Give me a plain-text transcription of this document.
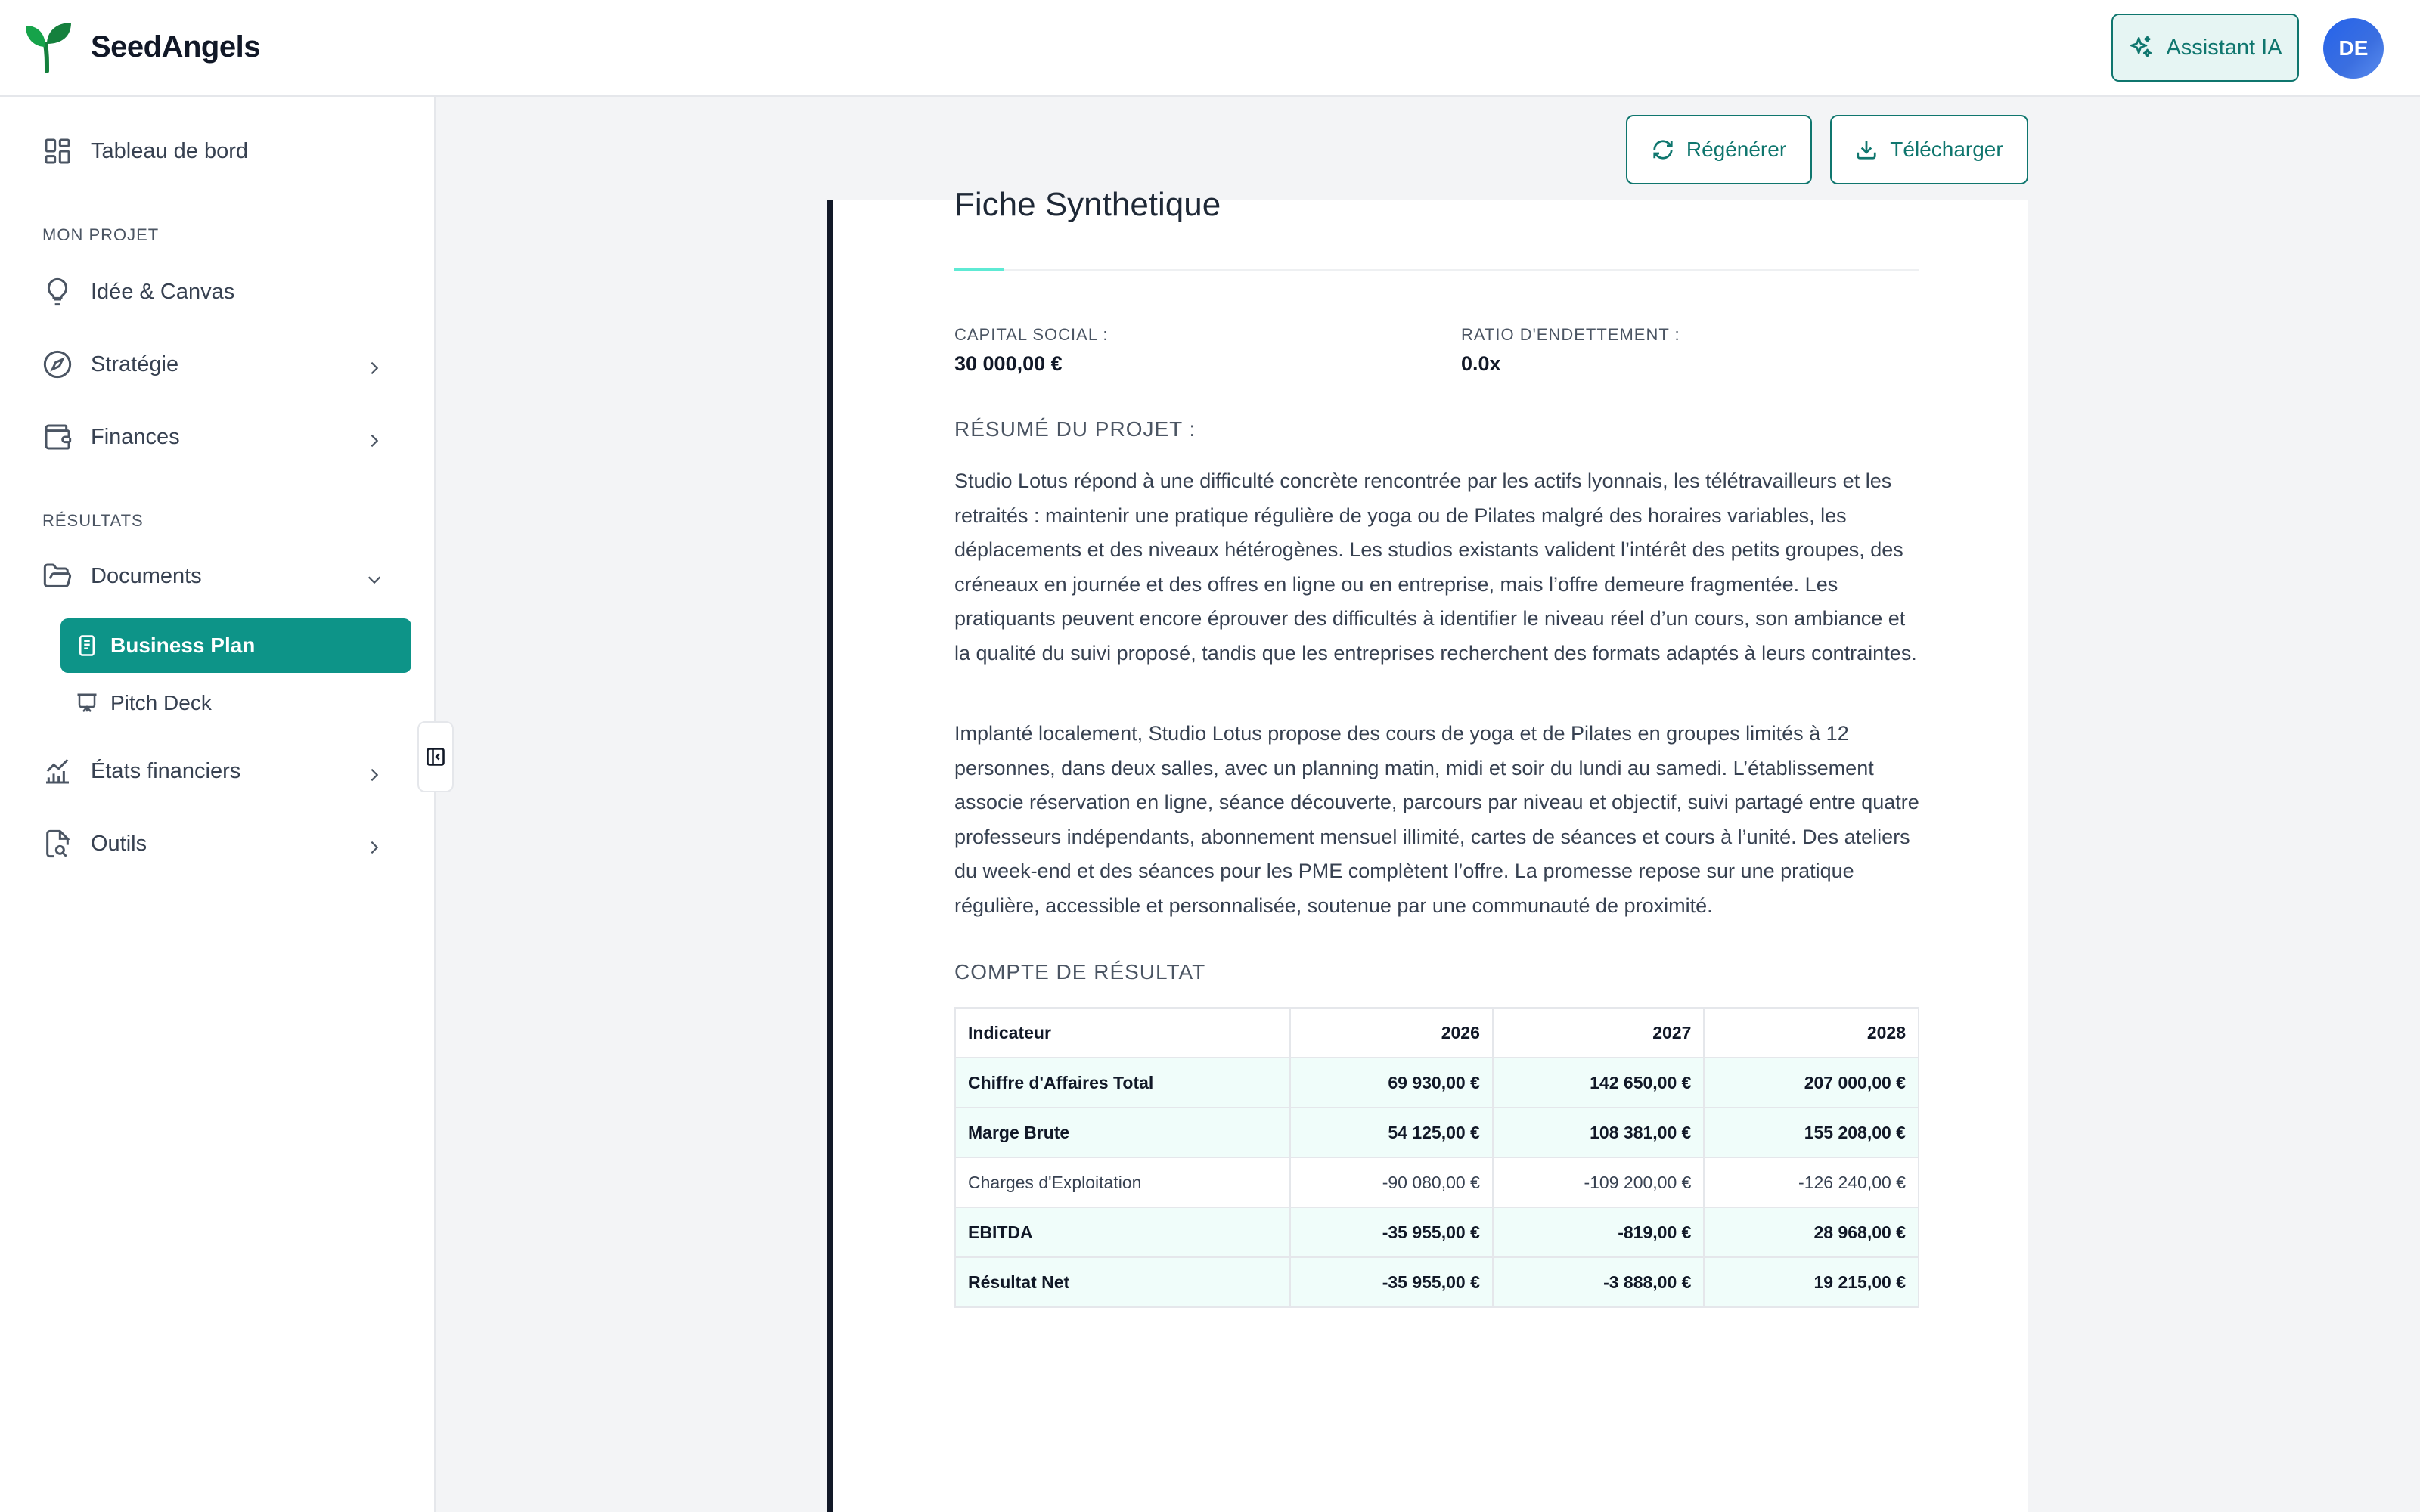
SeedAngels	Assistant IA	DE
Tableau de bord
MON PROJET
Idée & Canvas
Stratégie
Finances
RÉSULTATS
Documents
Business Plan
Pitch Deck
États financiers
Outils
Fiche Synthetique
CAPITAL SOCIAL :
30 000,00 €
RATIO D'ENDETTEMENT :
0.0x
RÉSUMÉ DU PROJET :
Studio Lotus répond à une difficulté concrète rencontrée par les actifs lyonnais, les télétravailleurs et les retraités : maintenir une pratique régulière de yoga ou de Pilates malgré des horaires variables, les déplacements et des niveaux hétérogènes. Les studios existants valident l’intérêt des petits groupes, des créneaux en journée et des offres en ligne ou en entreprise, mais l’offre demeure fragmentée. Les pratiquants peuvent encore éprouver des difficultés à identifier le niveau réel d’un cours, son ambiance et la qualité du suivi proposé, tandis que les entreprises recherchent des formats adaptés à leurs contraintes.
Implanté localement, Studio Lotus propose des cours de yoga et de Pilates en groupes limités à 12 personnes, dans deux salles, avec un planning matin, midi et soir du lundi au samedi. L’établissement associe réservation en ligne, séance découverte, parcours par niveau et objectif, suivi partagé entre quatre professeurs indépendants, abonnement mensuel illimité, cartes de séances et cours à l’unité. Des ateliers du week-end et des séances pour les PME complètent l’offre. La promesse repose sur une pratique régulière, accessible et personnalisée, soutenue par une communauté de proximité.
COMPTE DE RÉSULTAT
Indicateur	2026	2027	2028
Chiffre d'Affaires Total	69 930,00 €	142 650,00 €	207 000,00 €
Marge Brute	54 125,00 €	108 381,00 €	155 208,00 €
Charges d'Exploitation	-90 080,00 €	-109 200,00 €	-126 240,00 €
EBITDA	-35 955,00 €	-819,00 €	28 968,00 €
Résultat Net	-35 955,00 €	-3 888,00 €	19 215,00 €
Régénérer	Télécharger
